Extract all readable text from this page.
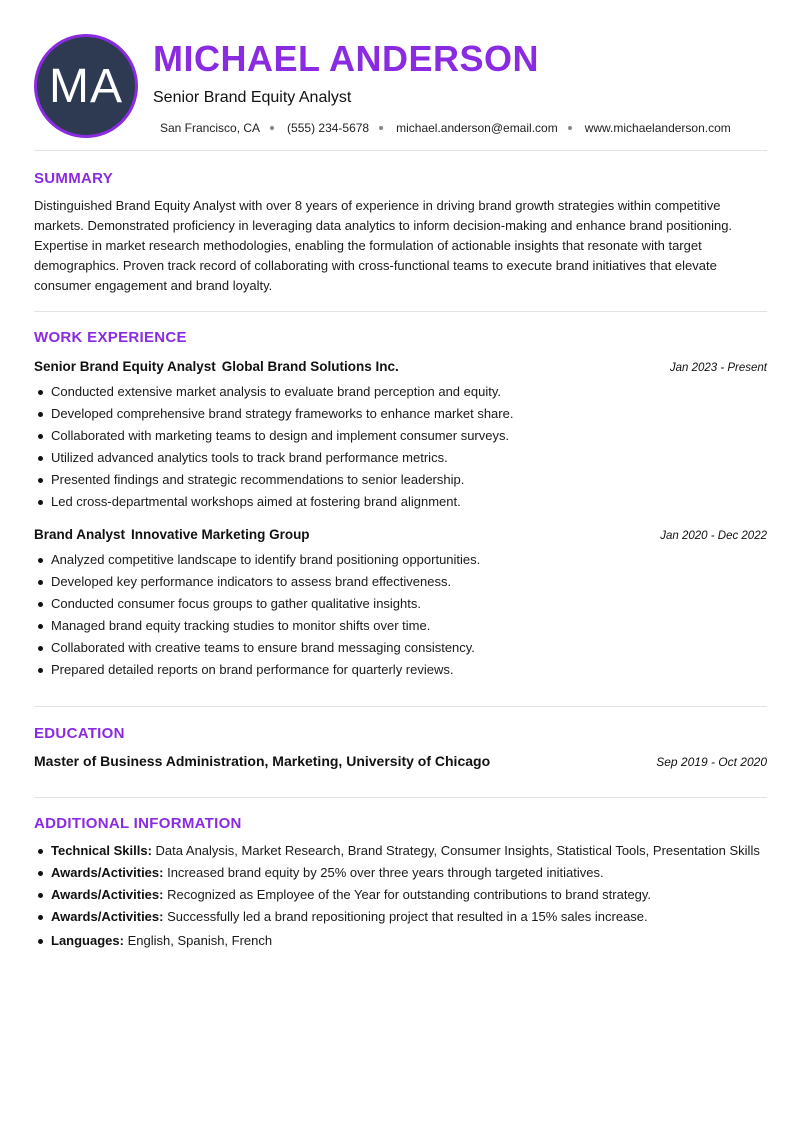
MA
MICHAEL ANDERSON
Senior Brand Equity Analyst
San Francisco, CA (555) 234-5678 michael.anderson@email.com www.michaelanderson.com
SUMMARY
Distinguished Brand Equity Analyst with over 8 years of experience in driving brand growth strategies within competitive markets. Demonstrated proficiency in leveraging data analytics to inform decision-making and enhance brand positioning. Expertise in market research methodologies, enabling the formulation of actionable insights that resonate with target demographics. Proven track record of collaborating with cross-functional teams to execute brand initiatives that elevate consumer engagement and brand loyalty.
WORK EXPERIENCE
Senior Brand Equity Analyst Global Brand Solutions Inc.	Jan 2023 - Present
Conducted extensive market analysis to evaluate brand perception and equity.
Developed comprehensive brand strategy frameworks to enhance market share.
Collaborated with marketing teams to design and implement consumer surveys.
Utilized advanced analytics tools to track brand performance metrics.
Presented findings and strategic recommendations to senior leadership.
Led cross-departmental workshops aimed at fostering brand alignment.
Brand Analyst Innovative Marketing Group	Jan 2020 - Dec 2022
Analyzed competitive landscape to identify brand positioning opportunities.
Developed key performance indicators to assess brand effectiveness.
Conducted consumer focus groups to gather qualitative insights.
Managed brand equity tracking studies to monitor shifts over time.
Collaborated with creative teams to ensure brand messaging consistency.
Prepared detailed reports on brand performance for quarterly reviews.
EDUCATION
Master of Business Administration, Marketing, University of Chicago	Sep 2019 - Oct 2020
ADDITIONAL INFORMATION
Technical Skills: Data Analysis, Market Research, Brand Strategy, Consumer Insights, Statistical Tools, Presentation Skills
Awards/Activities: Increased brand equity by 25% over three years through targeted initiatives.
Awards/Activities: Recognized as Employee of the Year for outstanding contributions to brand strategy.
Awards/Activities: Successfully led a brand repositioning project that resulted in a 15% sales increase.
Languages: English, Spanish, French
